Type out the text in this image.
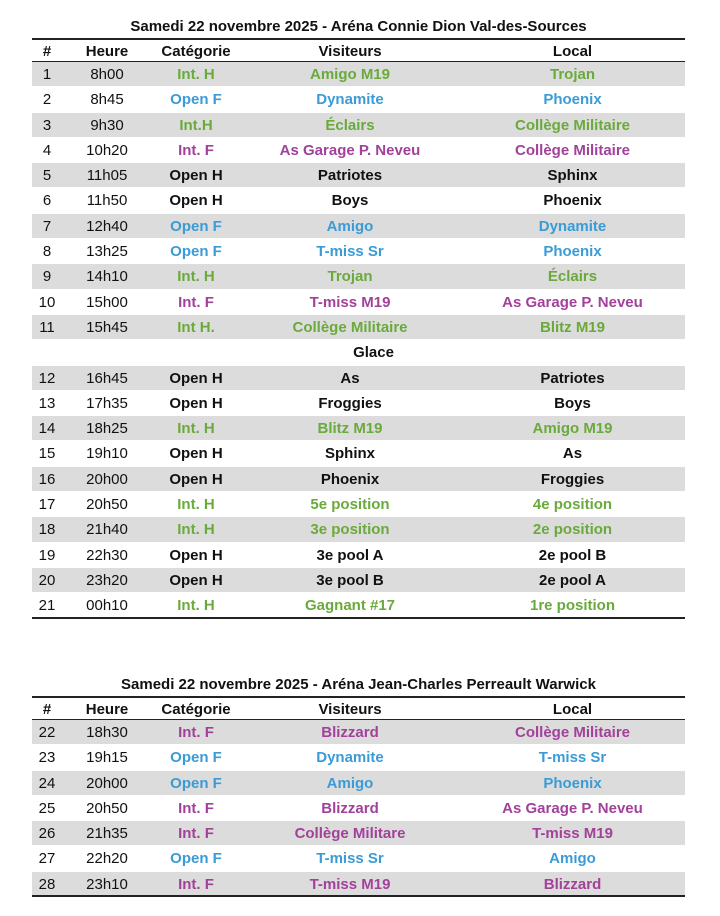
Samedi 22 novembre 2025 - Aréna Connie Dion Val-des-Sources
#	Heure	Catégorie	Visiteurs	Local
1	8h00	Int. H	Amigo M19	Trojan
2	8h45	Open F	Dynamite	Phoenix
3	9h30	Int.H	Éclairs	Collège Militaire
4	10h20	Int. F	As Garage P. Neveu	Collège Militaire
5	11h05	Open H	Patriotes	Sphinx
6	11h50	Open H	Boys	Phoenix
7	12h40	Open F	Amigo	Dynamite
8	13h25	Open F	T-miss Sr	Phoenix
9	14h10	Int. H	Trojan	Éclairs
10	15h00	Int. F	T-miss M19	As Garage P. Neveu
11	15h45	Int H.	Collège Militaire	Blitz M19
Glace
12	16h45	Open H	As	Patriotes
13	17h35	Open H	Froggies	Boys
14	18h25	Int. H	Blitz M19	Amigo M19
15	19h10	Open H	Sphinx	As
16	20h00	Open H	Phoenix	Froggies
17	20h50	Int. H	5e position	4e position
18	21h40	Int. H	3e position	2e position
19	22h30	Open H	3e pool A	2e pool B
20	23h20	Open H	3e pool B	2e pool A
21	00h10	Int. H	Gagnant #17	1re position
Samedi 22 novembre 2025 - Aréna Jean-Charles Perreault Warwick
#	Heure	Catégorie	Visiteurs	Local
22	18h30	Int. F	Blizzard	Collège Militaire
23	19h15	Open F	Dynamite	T-miss Sr
24	20h00	Open F	Amigo	Phoenix
25	20h50	Int. F	Blizzard	As Garage P. Neveu
26	21h35	Int. F	Collège Militare	T-miss M19
27	22h20	Open F	T-miss Sr	Amigo
28	23h10	Int. F	T-miss M19	Blizzard
